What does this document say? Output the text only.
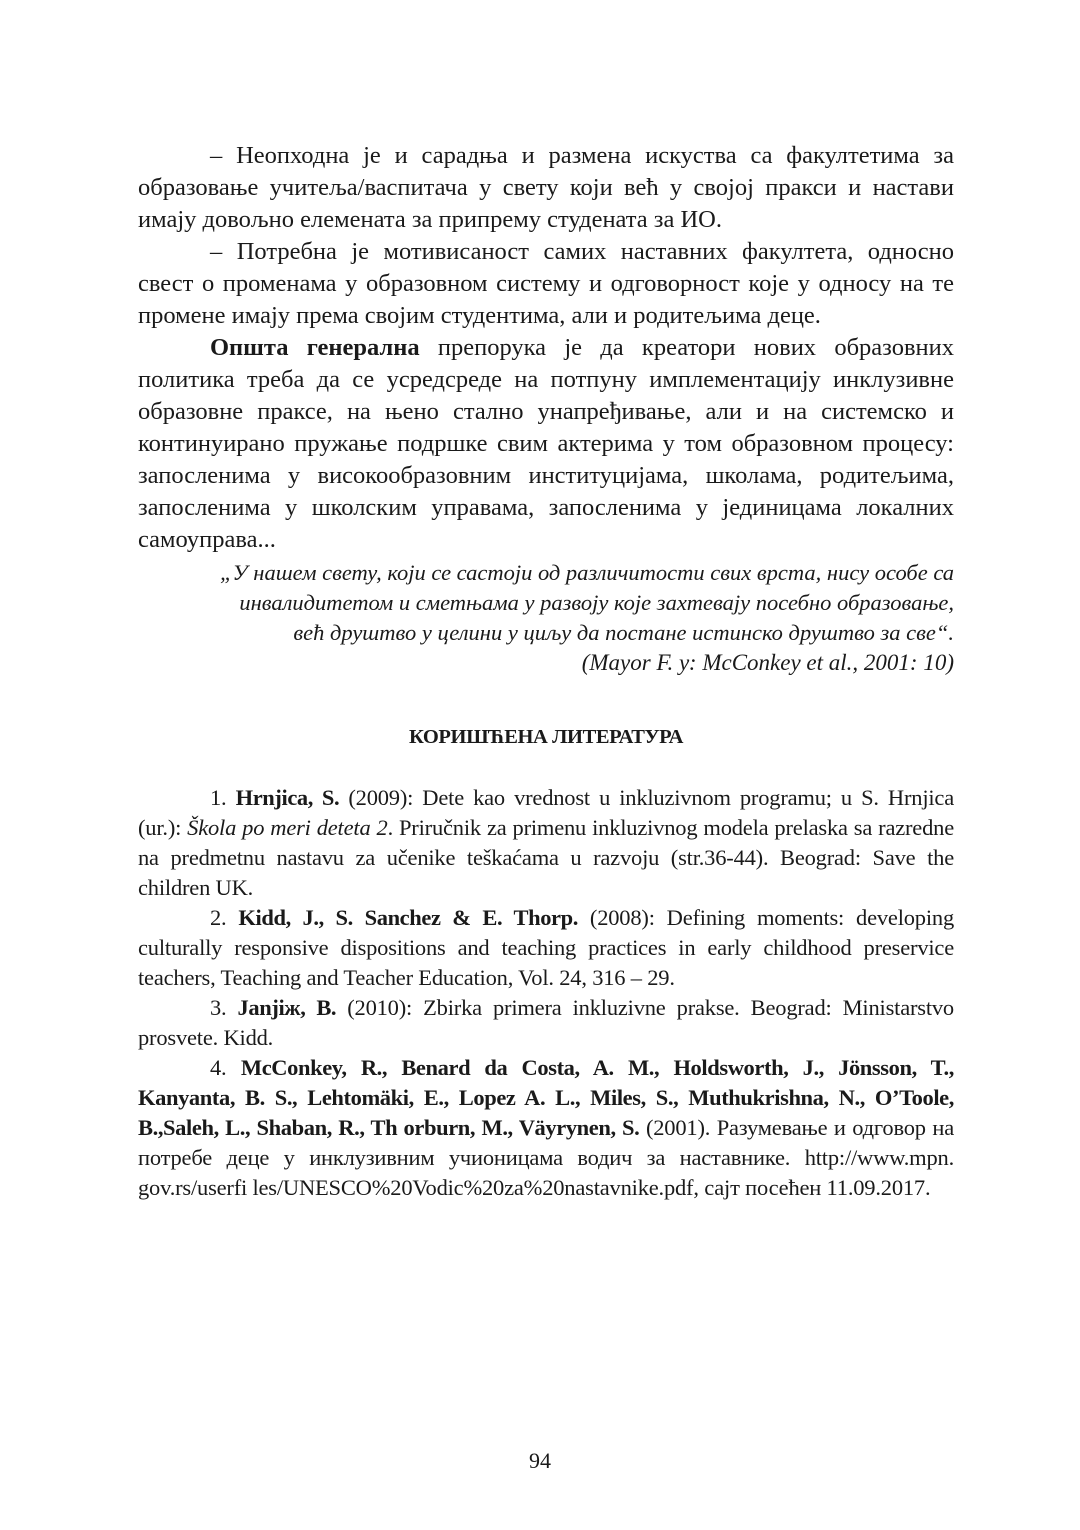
– Неопходна је и сарадња и размена искуства са факултетима за образовање учитеља/васпитача у свету који већ у својој пракси и настави имају довољно елемената за припрему студената за ИО.

– Потребна је мотивисаност самих наставних факултета, односно свест о променама у образовном систему и одговорност које у односу на те промене имају према својим студентима, али и родитељима деце.

Општа генерална препорука је да креатори нових образовних политика треба да се усредсреде на потпуну имплементацију инклузивне образовне праксе, на њено стално унапређивање, али и на системско и континуирано пружање подршке свим актерима у том образовном процесу: запосленима у високообразовним институцијама, школама, родитељима, запосленима у школским управама, запосленима у јединицама локалних самоуправа...

„У нашем свету, који се састоји од различитости свих врста, нису особе са
инвалидитетом и сметњама у развоју које захтевају посебно образовање,
већ друштво у целини у циљу да постане истинско друштво за све“.
(Mayor F. у: McConkey et al., 2001: 10)
КОРИШЋЕНА ЛИТЕРАТУРА

1. Hrnjica, S. (2009): Dete kao vrednost u inkluzivnom programu; u S. Hrnjica (ur.): Škola po meri deteta 2. Priručnik za primenu inkluzivnog modela prelaska sa razredne na predmetnu nastavu za učenike teškaćama u razvoju (str.36-44). Beograd: Save the children UK.

2. Kidd, J., S. Sanchez & E. Thorp. (2008): Defining moments: developing culturally responsive dispositions and teaching practices in early childhood preservice teachers, Teaching and Teacher Education, Vol. 24, 316 – 29.

3. Janjiж, B. (2010): Zbirka primera inkluzivne prakse. Beograd: Ministarstvo prosvete. Kidd.

4. McConkey, R., Benard da Costa, A. M., Holdsworth, J., Jönsson, T., Kanyanta, B. S., Lehtomäki, E., Lopez A. L., Miles, S., Muthukrishna, N., O’Toole, B.,Saleh, L., Shaban, R., Th orburn, M., Väyrynen, S. (2001). Разумевање и одговор на потребе деце у инклузивним учионицама водич за наставнике. http://www.mpn. gov.rs/userfi les/UNESCO%20Vodic%20za%20nastavnike.pdf, сајт посећен 11.09.2017.

94
